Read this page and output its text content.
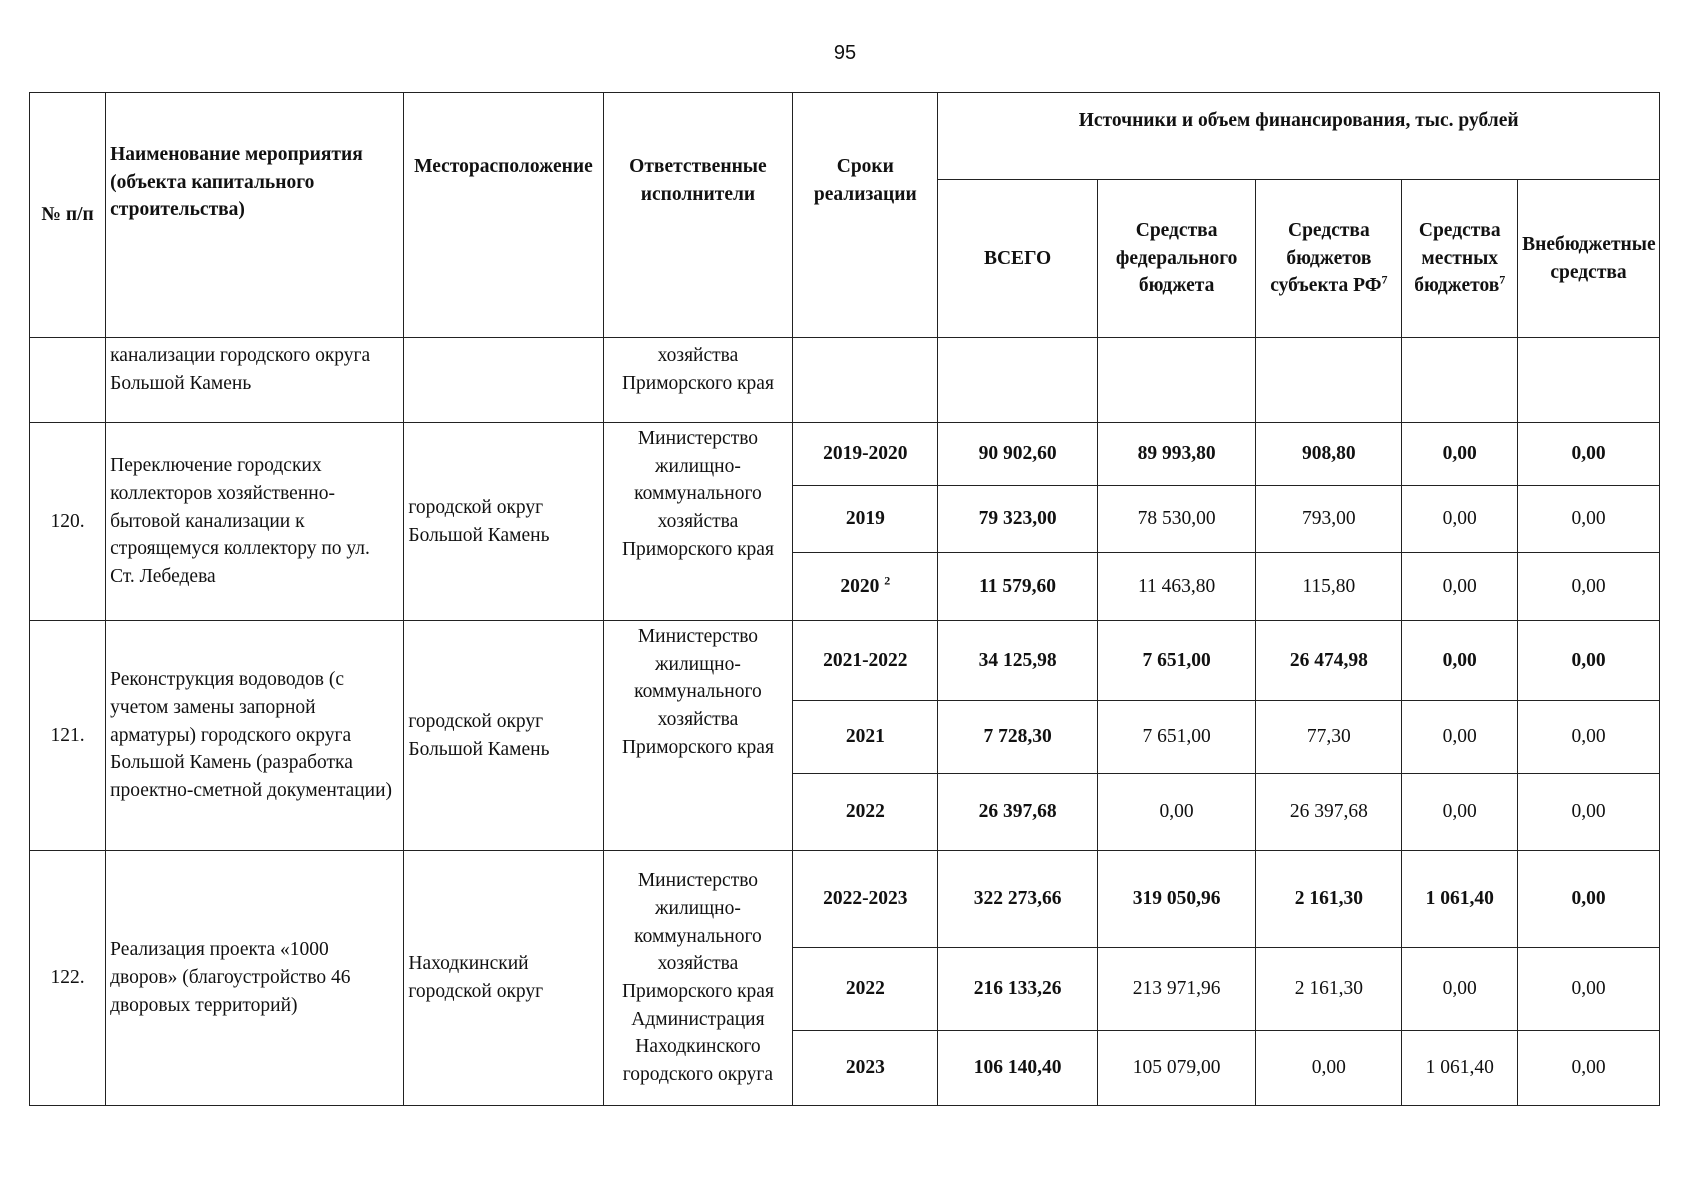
95
№ п/п	Наименование мероприятия (объекта капитального строительства)	Месторасположение	Ответственные исполнители	Сроки реализации	Источники и объем финансирования, тыс. рублей				
					ВСЕГО	Средства федерального бюджета	Средства бюджетов субъекта $РФ^7$	Средства местных бюджетов$^7$	Внебюджетные средства
	канализации городского округа Большой Камень		хозяйства Приморского края						
120.	Переключение городских коллекторов хозяйственно-бытовой канализации к строящемуся коллектору по ул. Ст. Лебедева	городской округ Большой Камень	Министерство жилищно-коммунального хозяйства Приморского края	2019-2020	90 902,60	89 993,80	908,80	0,00	0,00
				2019	79 323,00	78 530,00	793,00	0,00	0,00
				2020 $^2$	11 579,60	11 463,80	115,80	0,00	0,00
121.	Реконструкция водоводов (с учетом замены запорной арматуры) городского округа Большой Камень (разработка проектно-сметной документации)	городской округ Большой Камень	Министерство жилищно-коммунального хозяйства Приморского края	2021-2022	34 125,98	7 651,00	26 474,98	0,00	0,00
				2021	7 728,30	7 651,00	77,30	0,00	0,00
				2022	26 397,68	0,00	26 397,68	0,00	0,00
122.	Реализация проекта «1000 дворов» (благоустройство 46 дворовых территорий)	Находкинский городской округ	Министерство жилищно-коммунального хозяйства Приморского края Администрация Находкинского городского округа	2022-2023	322 273,66	319 050,96	2 161,30	1 061,40	0,00
				2022	216 133,26	213 971,96	2 161,30	0,00	0,00
				2023	106 140,40	105 079,00	0,00	1 061,40	0,00
